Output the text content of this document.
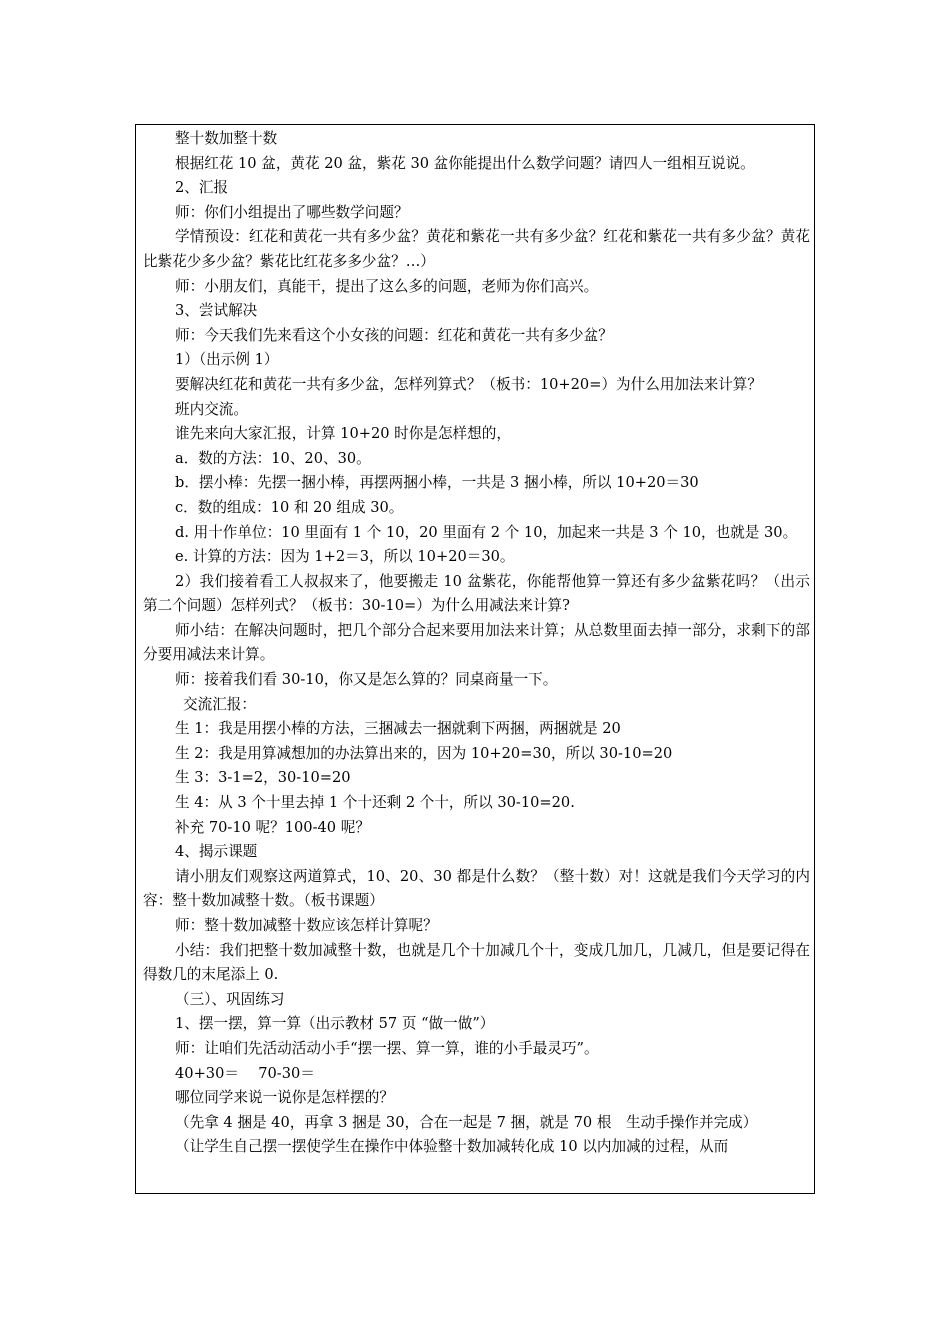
整十数加整十数

根据红花 10 盆，黄花 20 盆，紫花 30 盆你能提出什么数学问题？请四人一组相互说说。

2、汇报

师：你们小组提出了哪些数学问题？

学情预设：红花和黄花一共有多少盆？黄花和紫花一共有多少盆？红花和紫花一共有多少盆？黄花比紫花少多少盆？紫花比红花多多少盆？…）

师：小朋友们，真能干，提出了这么多的问题，老师为你们高兴。

3、尝试解决

师：今天我们先来看这个小女孩的问题：红花和黄花一共有多少盆？

1）（出示例 1）

要解决红花和黄花一共有多少盆，怎样列算式？（板书：10+20=）为什么用加法来计算？

班内交流。

谁先来向大家汇报，计算 10+20 时你是怎样想的，

a．数的方法：10、20、30。

b．摆小棒：先摆一捆小棒，再摆两捆小棒，一共是 3 捆小棒，所以 10+20＝30

c．数的组成：10 和 20 组成 30。

d. 用十作单位：10 里面有 1 个 10，20 里面有 2 个 10，加起来一共是 3 个 10，也就是 30。

e. 计算的方法：因为 1+2＝3，所以 10+20＝30。

2）我们接着看工人叔叔来了，他要搬走 10 盆紫花，你能帮他算一算还有多少盆紫花吗？（出示第二个问题）怎样列式？（板书：30-10=）为什么用减法来计算?

师小结：在解决问题时，把几个部分合起来要用加法来计算；从总数里面去掉一部分，求剩下的部分要用减法来计算。

师：接着我们看 30-10，你又是怎么算的？同桌商量一下。

交流汇报：

生 1：我是用摆小棒的方法，三捆减去一捆就剩下两捆，两捆就是 20

生 2：我是用算减想加的办法算出来的，因为 10+20=30，所以 30-10=20

生 3：3-1=2，30-10=20

生 4：从 3 个十里去掉 1 个十还剩 2 个十，所以 30-10=20.

补充 70-10 呢？100-40 呢？

4、揭示课题

请小朋友们观察这两道算式，10、20、30 都是什么数？（整十数）对！这就是我们今天学习的内容：整十数加减整十数。（板书课题）

师：整十数加减整十数应该怎样计算呢？

小结：我们把整十数加减整十数，也就是几个十加减几个十，变成几加几，几减几，但是要记得在得数几的末尾添上 0.

（三）、巩固练习

1、摆一摆，算一算（出示教材 57 页 “做一做”）

师：让咱们先活动活动小手“摆一摆、算一算，谁的小手最灵巧”。

40+30＝　 70-30＝

哪位同学来说一说你是怎样摆的？

（先拿 4 捆是 40，再拿 3 捆是 30，合在一起是 7 捆，就是 70 根　生动手操作并完成）

（让学生自己摆一摆使学生在操作中体验整十数加减转化成 10 以内加减的过程，从而
